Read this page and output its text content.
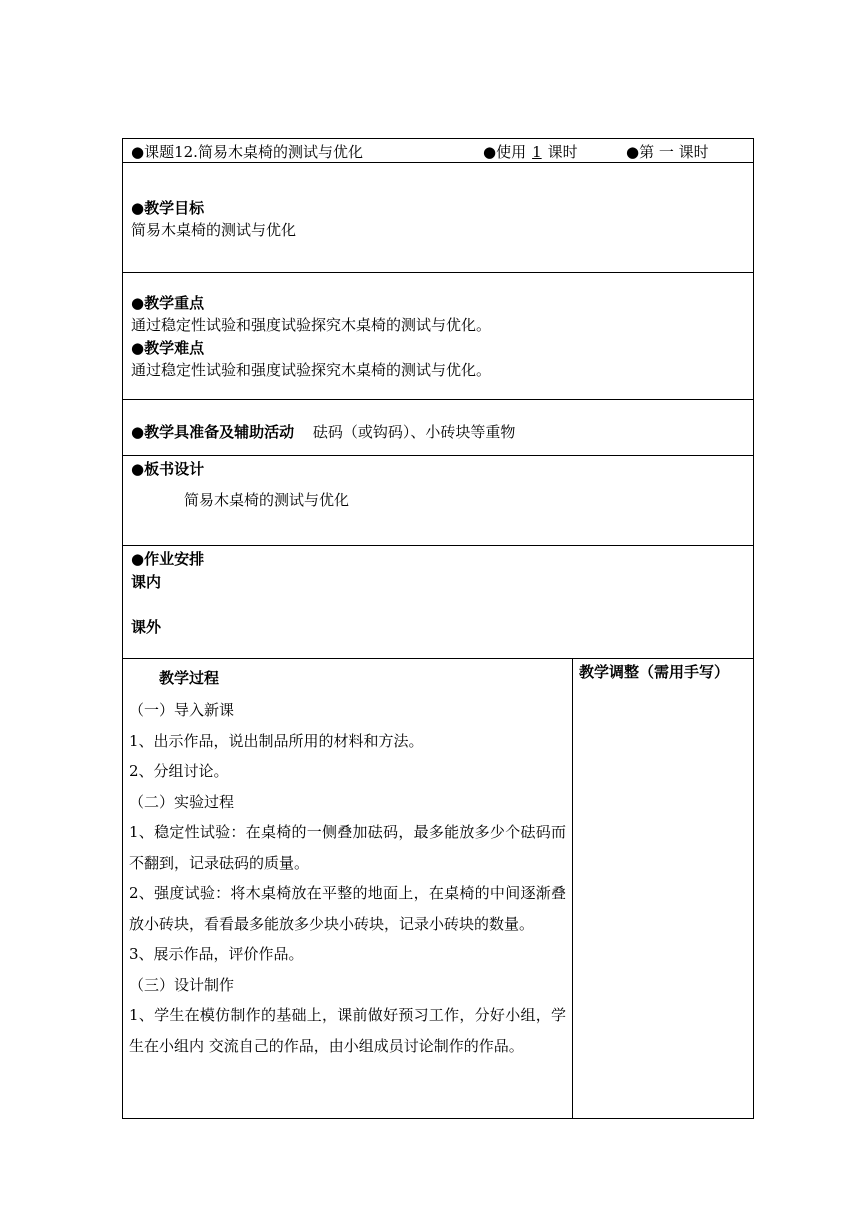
●课题12.简易木桌椅的测试与优化	●使用 1 课时	●第 一 课时
●教学目标
简易木桌椅的测试与优化
●教学重点
通过稳定性试验和强度试验探究木桌椅的测试与优化。
●教学难点
通过稳定性试验和强度试验探究木桌椅的测试与优化。
●教学具准备及辅助活动 砝码（或钩码）、小砖块等重物
●板书设计
简易木桌椅的测试与优化
●作业安排
课内
课外
教学过程
（一）导入新课
1、出示作品，说出制品所用的材料和方法。
2、分组讨论。
（二）实验过程
1、稳定性试验：在桌椅的一侧叠加砝码，最多能放多少个砝码而不翻到，记录砝码的质量。
2、强度试验：将木桌椅放在平整的地面上，在桌椅的中间逐渐叠放小砖块，看看最多能放多少块小砖块，记录小砖块的数量。
3、展示作品，评价作品。
（三）设计制作
1、学生在模仿制作的基础上，课前做好预习工作，分好小组，学生在小组内 交流自己的作品，由小组成员讨论制作的作品。
教学调整（需用手写）
